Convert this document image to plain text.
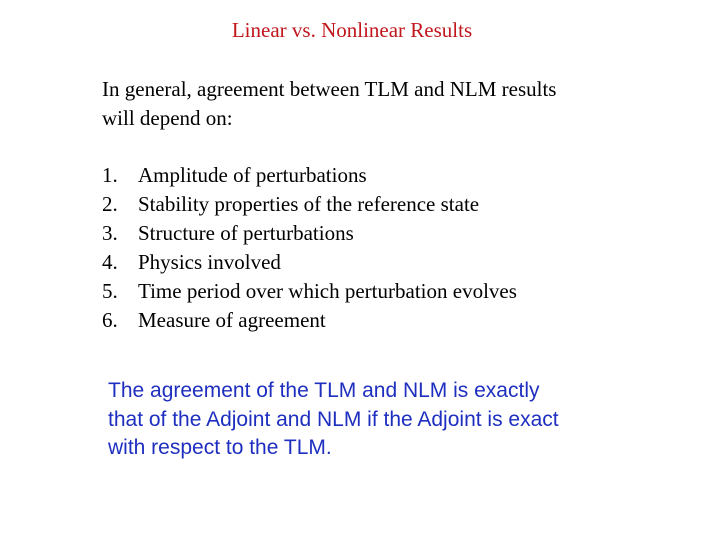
Linear vs. Nonlinear Results
In general, agreement between TLM and NLM results
will depend on:
1. Amplitude of perturbations
2. Stability properties of the reference state
3. Structure of perturbations
4. Physics involved
5. Time period over which perturbation evolves
6. Measure of agreement
The agreement of the TLM and NLM is exactly
that of the Adjoint and NLM if the Adjoint is exact
with respect to the TLM.
